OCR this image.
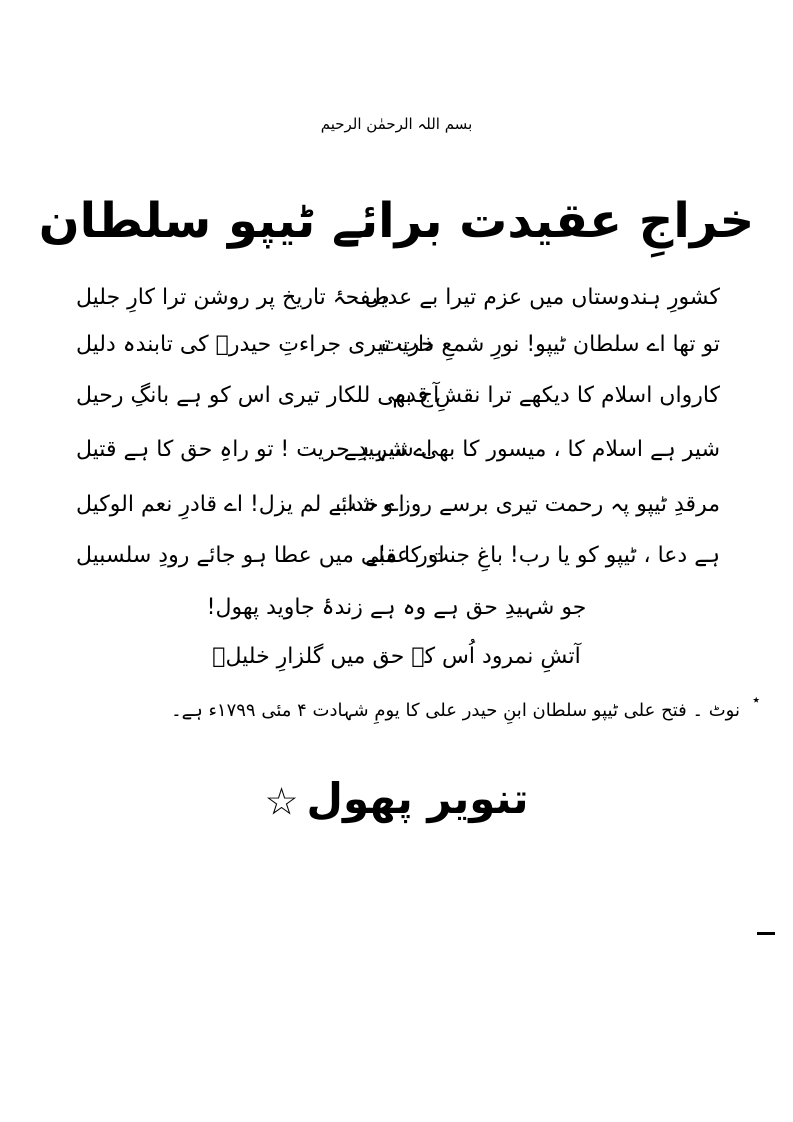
بسم اللہ الرحمٰن الرحیم
خراجِ عقیدت برائے ٹیپو سلطان
کشورِ ہندوستاں میں عزم تیرا بے عدیل
صفحۂ تاریخ پر روشن ترا کارِ جلیل
تو تھا اے سلطان ٹیپو! نورِ شمعِ حریت
ذات تیری جراءتِ حیدرؒ کی تابندہ دلیل
کارواں اسلام کا دیکھے ترا نقشِ قدم
آج بھی للکار تیری اس کو ہے بانگِ رحیل
شیر ہے اسلام کا ، میسور کا بھی شیر ہے
اے شہیدِ حریت ! تو راہِ حق کا ہے قتیل
مرقدِ ٹیپو پہ رحمت تیری برسے روز و شب
اے خدائے لم یزل! اے قادرِ نعم الوکیل
ہے دعا ، ٹیپو کو یا رب! باغِ جنت کا ملے
اور عقبٰی میں عطا ہو جائے رودِ سلسبیل
جو شہیدِ حق ہے وہ ہے زندۂ جاوید پھول!
آتشِ نمرود اُس کے حق میں گلزارِ خلیلؑ
٭
نوٹ ۔ فتح علی ٹیپو سلطان ابنِ حیدر علی کا یومِ شہادت ۴ مئی ۱۷۹۹ء ہے۔
تنویر پھول☆
